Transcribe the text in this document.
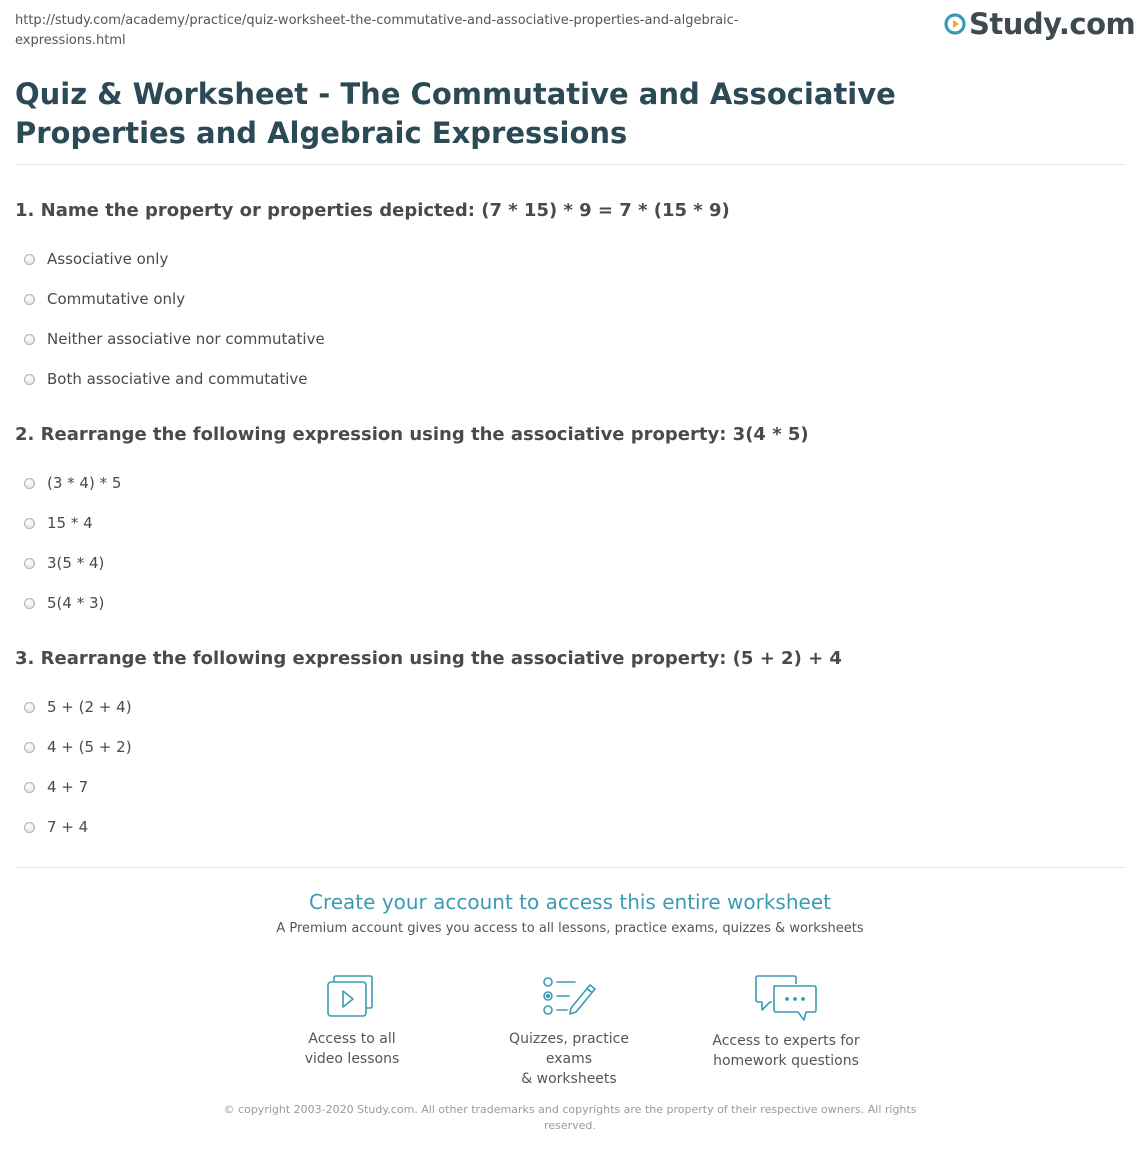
http://study.com/academy/practice/quiz-worksheet-the-commutative-and-associative-properties-and-algebraic-expressions.html	Study.com
Quiz & Worksheet - The Commutative and Associative Properties and Algebraic Expressions
1. Name the property or properties depicted: (7 * 15) * 9 = 7 * (15 * 9)
Associative only
Commutative only
Neither associative nor commutative
Both associative and commutative
2. Rearrange the following expression using the associative property: 3(4 * 5)
(3 * 4) * 5
15 * 4
3(5 * 4)
5(4 * 3)
3. Rearrange the following expression using the associative property: (5 + 2) + 4
5 + (2 + 4)
4 + (5 + 2)
4 + 7
7 + 4
Create your account to access this entire worksheet
A Premium account gives you access to all lessons, practice exams, quizzes & worksheets
Access to all
video lessons
Quizzes, practice exams
& worksheets
Access to experts for
homework questions
© copyright 2003-2020 Study.com. All other trademarks and copyrights are the property of their respective owners. All rights reserved.
